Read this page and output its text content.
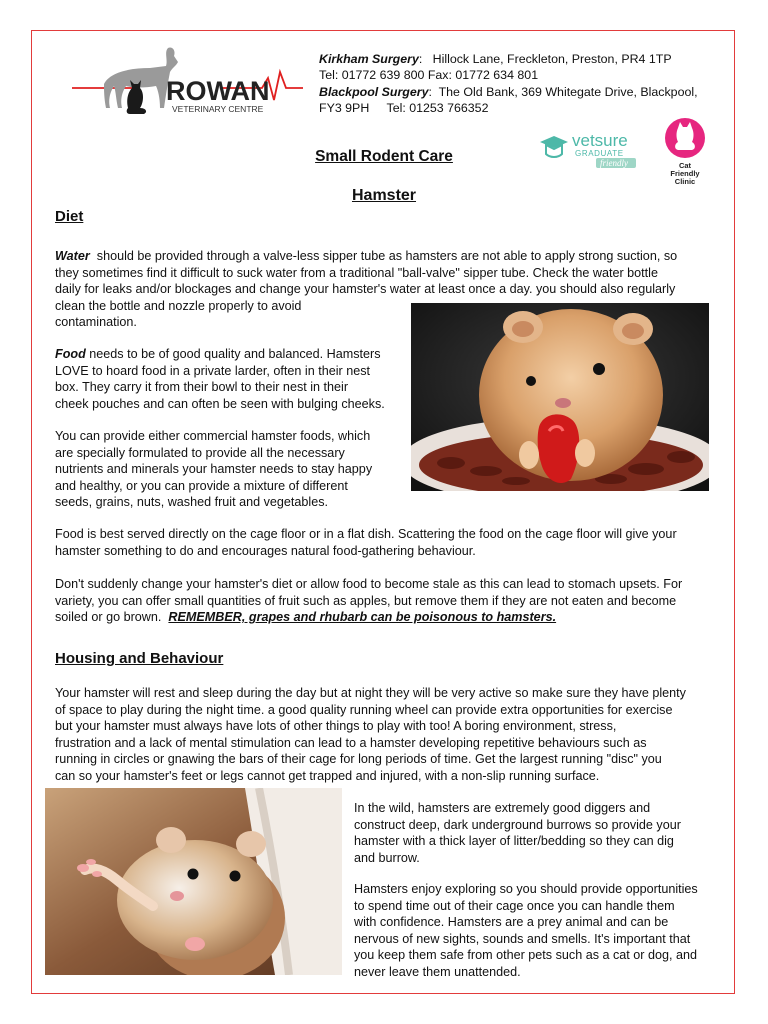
ROWAN
VETERINARY CENTRE
Kirkham Surgery:   Hillock Lane, Freckleton, Preston, PR4 1TP
Tel: 01772 639 800 Fax: 01772 634 801
Blackpool Surgery:  The Old Bank, 369 Whitegate Drive, Blackpool,
FY3 9PH Tel: 01253 766352
vetsure
GRADUATE
friendly	Cat
Friendly
Clinic
Small Rodent Care
Hamster
Diet
Water should be provided through a valve-less sipper tube as hamsters are not able to apply strong suction, so
they sometimes find it difficult to suck water from a traditional "ball-valve" sipper tube. Check the water bottle
daily for leaks and/or blockages and change your hamster's water at least once a day. you should also regularly
clean the bottle and nozzle properly to avoid
contamination.
Food needs to be of good quality and balanced. Hamsters
LOVE to hoard food in a private larder, often in their nest
box. They carry it from their bowl to their nest in their
cheek pouches and can often be seen with bulging cheeks.
You can provide either commercial hamster foods, which
are specially formulated to provide all the necessary
nutrients and minerals your hamster needs to stay happy
and healthy, or you can provide a mixture of different
seeds, grains, nuts, washed fruit and vegetables.
Food is best served directly on the cage floor or in a flat dish. Scattering the food on the cage floor will give your
hamster something to do and encourages natural food-gathering behaviour.
Don't suddenly change your hamster's diet or allow food to become stale as this can lead to stomach upsets. For
variety, you can offer small quantities of fruit such as apples, but remove them if they are not eaten and become
soiled or go brown. REMEMBER, grapes and rhubarb can be poisonous to hamsters.
Housing and Behaviour
Your hamster will rest and sleep during the day but at night they will be very active so make sure they have plenty
of space to play during the night time. a good quality running wheel can provide extra opportunities for exercise
but your hamster must always have lots of other things to play with too! A boring environment, stress,
frustration and a lack of mental stimulation can lead to a hamster developing repetitive behaviours such as
running in circles or gnawing the bars of their cage for long periods of time. Get the largest running "disc" you
can so your hamster's feet or legs cannot get trapped and injured, with a non-slip running surface.
In the wild, hamsters are extremely good diggers and
construct deep, dark underground burrows so provide your
hamster with a thick layer of litter/bedding so they can dig
and burrow.
Hamsters enjoy exploring so you should provide opportunities
to spend time out of their cage once you can handle them
with confidence. Hamsters are a prey animal and can be
nervous of new sights, sounds and smells. It's important that
you keep them safe from other pets such as a cat or dog, and
never leave them unattended.
